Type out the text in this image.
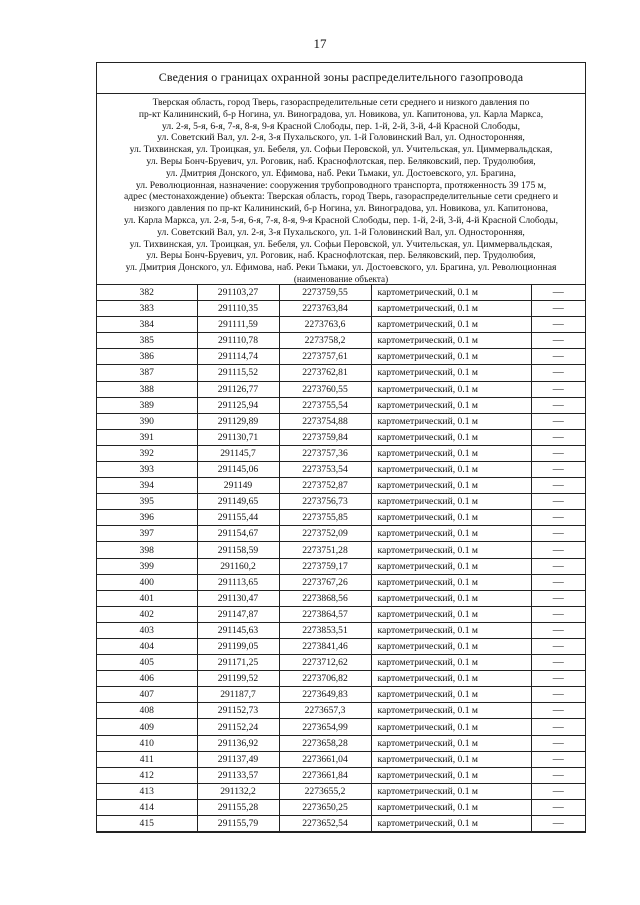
17
Сведения о границах охранной зоны распределительного газопровода
Тверская область, город Тверь, газораспределительные сети среднего и низкого давления по
пр-кт Калининский, б-р Ногина, ул. Виноградова, ул. Новикова, ул. Капитонова, ул. Карла Маркса,
ул. 2-я, 5-я, 6-я, 7-я, 8-я, 9-я Красной Слободы, пер. 1-й, 2-й, 3-й, 4-й Красной Слободы,
ул. Советский Вал, ул. 2-я, 3-я Пухальского, ул. 1-й Головинский Вал, ул. Односторонняя,
ул. Тихвинская, ул. Троицкая, ул. Бебеля, ул. Софьи Перовской, ул. Учительская, ул. Циммервальдская,
ул. Веры Бонч-Бруевич, ул. Роговик, наб. Краснофлотская, пер. Беляковский, пер. Трудолюбия,
ул. Дмитрия Донского, ул. Ефимова, наб. Реки Тьмаки, ул. Достоевского, ул. Брагина,
ул. Революционная, назначение: сооружения трубопроводного транспорта, протяженность 39 175 м,
адрес (местонахождение) объекта: Тверская область, город Тверь, газораспределительные сети среднего и
низкого давления по пр-кт Калининский, б-р Ногина, ул. Виноградова, ул. Новикова, ул. Капитонова,
ул. Карла Маркса, ул. 2-я, 5-я, 6-я, 7-я, 8-я, 9-я Красной Слободы, пер. 1-й, 2-й, 3-й, 4-й Красной Слободы,
ул. Советский Вал, ул. 2-я, 3-я Пухальского, ул. 1-й Головинский Вал, ул. Односторонняя,
ул. Тихвинская, ул. Троицкая, ул. Бебеля, ул. Софьи Перовской, ул. Учительская, ул. Циммервальдская,
ул. Веры Бонч-Бруевич, ул. Роговик, наб. Краснофлотская, пер. Беляковский, пер. Трудолюбия,
ул. Дмитрия Донского, ул. Ефимова, наб. Реки Тьмаки, ул. Достоевского, ул. Брагина, ул. Революционная
(наименование объекта)
382	291103,27	2273759,55	картометрический, 0.1 м	—
383	291110,35	2273763,84	картометрический, 0.1 м	—
384	291111,59	2273763,6	картометрический, 0.1 м	—
385	291110,78	2273758,2	картометрический, 0.1 м	—
386	291114,74	2273757,61	картометрический, 0.1 м	—
387	291115,52	2273762,81	картометрический, 0.1 м	—
388	291126,77	2273760,55	картометрический, 0.1 м	—
389	291125,94	2273755,54	картометрический, 0.1 м	—
390	291129,89	2273754,88	картометрический, 0.1 м	—
391	291130,71	2273759,84	картометрический, 0.1 м	—
392	291145,7	2273757,36	картометрический, 0.1 м	—
393	291145,06	2273753,54	картометрический, 0.1 м	—
394	291149	2273752,87	картометрический, 0.1 м	—
395	291149,65	2273756,73	картометрический, 0.1 м	—
396	291155,44	2273755,85	картометрический, 0.1 м	—
397	291154,67	2273752,09	картометрический, 0.1 м	—
398	291158,59	2273751,28	картометрический, 0.1 м	—
399	291160,2	2273759,17	картометрический, 0.1 м	—
400	291113,65	2273767,26	картометрический, 0.1 м	—
401	291130,47	2273868,56	картометрический, 0.1 м	—
402	291147,87	2273864,57	картометрический, 0.1 м	—
403	291145,63	2273853,51	картометрический, 0.1 м	—
404	291199,05	2273841,46	картометрический, 0.1 м	—
405	291171,25	2273712,62	картометрический, 0.1 м	—
406	291199,52	2273706,82	картометрический, 0.1 м	—
407	291187,7	2273649,83	картометрический, 0.1 м	—
408	291152,73	2273657,3	картометрический, 0.1 м	—
409	291152,24	2273654,99	картометрический, 0.1 м	—
410	291136,92	2273658,28	картометрический, 0.1 м	—
411	291137,49	2273661,04	картометрический, 0.1 м	—
412	291133,57	2273661,84	картометрический, 0.1 м	—
413	291132,2	2273655,2	картометрический, 0.1 м	—
414	291155,28	2273650,25	картометрический, 0.1 м	—
415	291155,79	2273652,54	картометрический, 0.1 м	—
